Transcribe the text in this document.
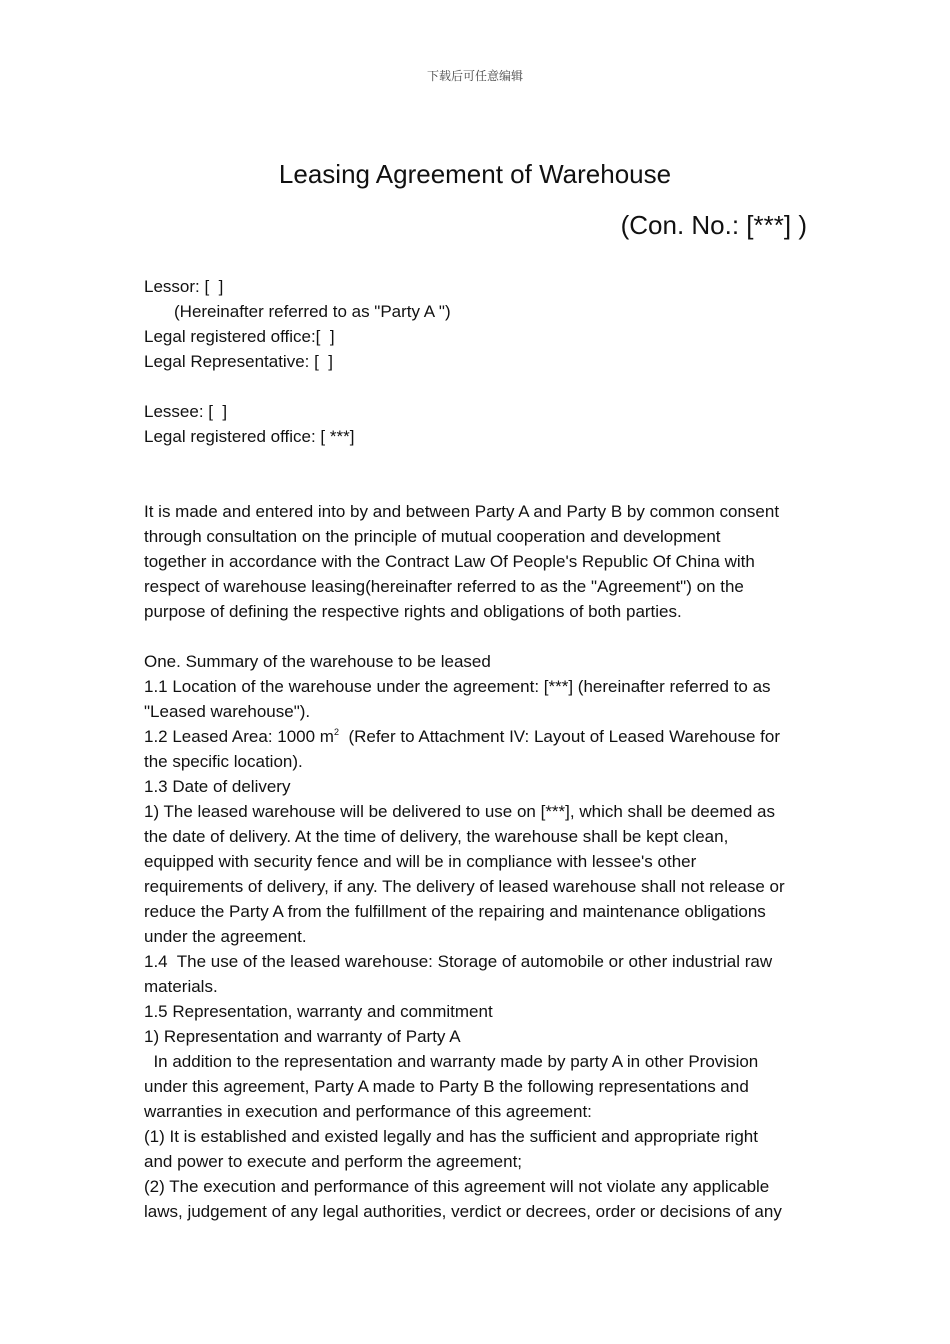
下载后可任意编辑
Leasing Agreement of Warehouse
(Con. No.: [***] )
Lessor: [  ]
(Hereinafter referred to as "Party A ")
Legal registered office:[  ]
Legal Representative: [  ]
Lessee: [  ]
Legal registered office: [ ***]
It is made and entered into by and between Party A and Party B by common consent
through consultation on the principle of mutual cooperation and development
together in accordance with the Contract Law Of People's Republic Of China with
respect of warehouse leasing(hereinafter referred to as the "Agreement") on the
purpose of defining the respective rights and obligations of both parties.
One. Summary of the warehouse to be leased
1.1 Location of the warehouse under the agreement: [***] (hereinafter referred to as
"Leased warehouse").
1.2 Leased Area: 1000 $m^2$  (Refer to Attachment IV: Layout of Leased Warehouse for
the specific location).
1.3 Date of delivery
1) The leased warehouse will be delivered to use on [***], which shall be deemed as
the date of delivery. At the time of delivery, the warehouse shall be kept clean,
equipped with security fence and will be in compliance with lessee's other
requirements of delivery, if any. The delivery of leased warehouse shall not release or
reduce the Party A from the fulfillment of the repairing and maintenance obligations
under the agreement.
1.4  The use of the leased warehouse: Storage of automobile or other industrial raw
materials.
1.5 Representation, warranty and commitment
1) Representation and warranty of Party A
In addition to the representation and warranty made by party A in other Provision
under this agreement, Party A made to Party B the following representations and
warranties in execution and performance of this agreement:
(1) It is established and existed legally and has the sufficient and appropriate right
and power to execute and perform the agreement;
(2) The execution and performance of this agreement will not violate any applicable
laws, judgement of any legal authorities, verdict or decrees, order or decisions of any
